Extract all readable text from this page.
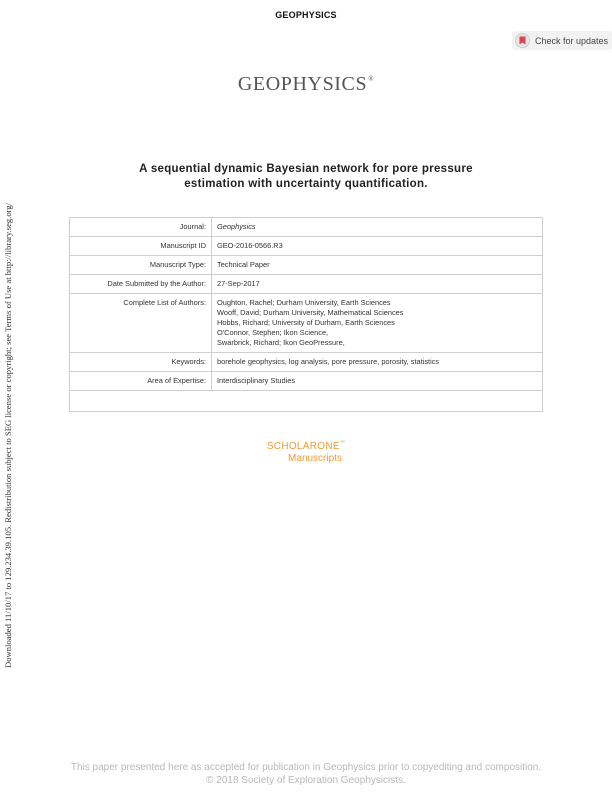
GEOPHYSICS
Check for updates
GEOPHYSICS®
Downloaded 11/10/17 to 129.234.39.105. Redistribution subject to SEG license or copyright; see Terms of Use at http://library.seg.org/
A sequential dynamic Bayesian network for pore pressure
estimation with uncertainty quantification.
Journal:	Geophysics
Manuscript ID	GEO-2016-0566.R3
Manuscript Type:	Technical Paper
Date Submitted by the Author:	27-Sep-2017
Complete List of Authors:	Oughton, Rachel; Durham University, Earth Sciences
Wooff, David; Durham University, Mathematical Sciences
Hobbs, Richard; University of Durham, Earth Sciences
O'Connor, Stephen; Ikon Science,
Swarbrick, Richard; Ikon GeoPressure,

Keywords:	borehole geophysics, log analysis, pore pressure, porosity, statistics
Area of Expertise:	Interdisciplinary Studies

SCHOLARONE™
Manuscripts
This paper presented here as accepted for publication in Geophysics prior to copyediting and composition.
© 2018 Society of Exploration Geophysicists.
